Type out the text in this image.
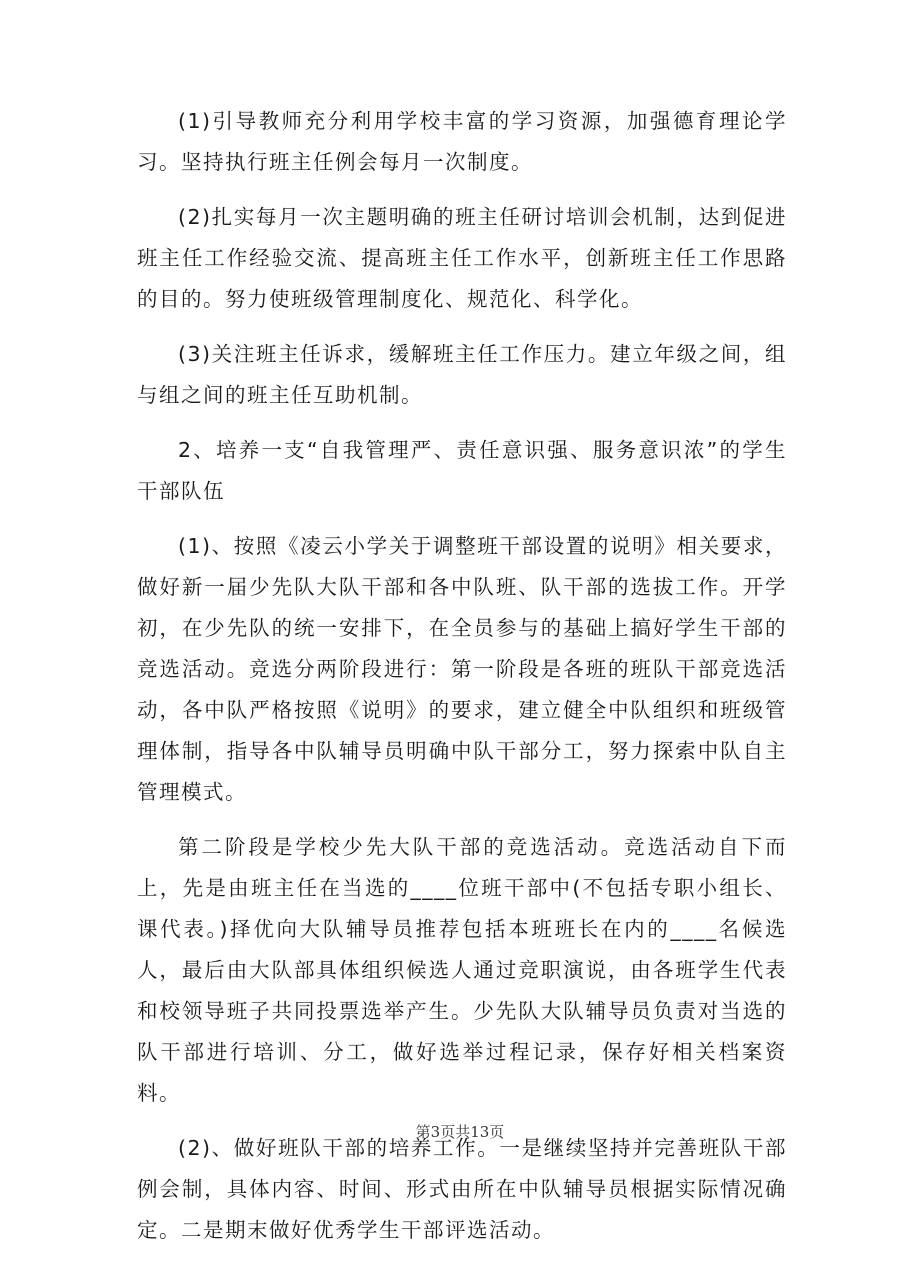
(1)引导教师充分利用学校丰富的学习资源，加强德育理论学习。坚持执行班主任例会每月一次制度。

(2)扎实每月一次主题明确的班主任研讨培训会机制，达到促进班主任工作经验交流、提高班主任工作水平，创新班主任工作思路的目的。努力使班级管理制度化、规范化、科学化。

(3)关注班主任诉求，缓解班主任工作压力。建立年级之间，组与组之间的班主任互助机制。

2、培养一支“自我管理严、责任意识强、服务意识浓”的学生干部队伍

(1)、按照《凌云小学关于调整班干部设置的说明》相关要求，做好新一届少先队大队干部和各中队班、队干部的选拔工作。开学初，在少先队的统一安排下，在全员参与的基础上搞好学生干部的竞选活动。竞选分两阶段进行：第一阶段是各班的班队干部竞选活动，各中队严格按照《说明》的要求，建立健全中队组织和班级管理体制，指导各中队辅导员明确中队干部分工，努力探索中队自主管理模式。

第二阶段是学校少先大队干部的竞选活动。竞选活动自下而上，先是由班主任在当选的____位班干部中(不包括专职小组长、课代表。)择优向大队辅导员推荐包括本班班长在内的____名候选人，最后由大队部具体组织候选人通过竞职演说，由各班学生代表和校领导班子共同投票选举产生。少先队大队辅导员负责对当选的队干部进行培训、分工，做好选举过程记录，保存好相关档案资料。

(2)、做好班队干部的培养工作。一是继续坚持并完善班队干部例会制，具体内容、时间、形式由所在中队辅导员根据实际情况确定。二是期末做好优秀学生干部评选活动。

第3页共13页
